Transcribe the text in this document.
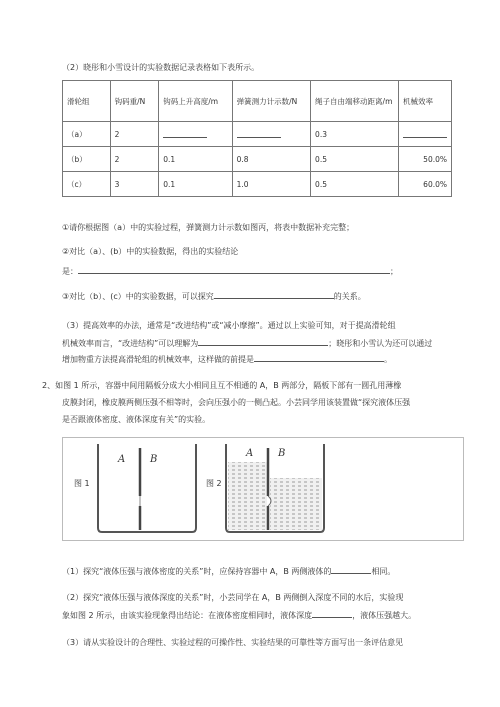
（2）晓彤和小雪设计的实验数据记录表格如下表所示。
滑轮组	钩码重/N	钩码上升高度/m	弹簧测力计示数/N	绳子自由端移动距离/m	机械效率
（a）	2			0.3	
（b）	2	0.1	0.8	0.5	50.0%
（c）	3	0.1	1.0	0.5	60.0%
①请你根据图（a）中的实验过程，弹簧测力计示数如图丙，将表中数据补充完整；
②对比（a）、(b）中的实验数据，得出的实验结论
是：	；
③对比（b）、(c）中的实验数据，可以探究	的关系。
（3）提高效率的办法，通常是“改进结构”或“减小摩擦”。通过以上实验可知，对于提高滑轮组
机械效率而言，“改进结构”可以理解为	；晓彤和小雪认为还可以通过
增加物重方法提高滑轮组的机械效率，这样做的前提是	。
2、如图 1 所示，容器中间用隔板分成大小相同且互不相通的 A，B 两部分，隔板下部有一圆孔用薄橡
皮膜封闭，橡皮膜两侧压强不相等时，会向压强小的一侧凸起。小芸同学用该装置做“探究液体压强
是否跟液体密度、液体深度有关”的实验。
图 1
A B
图 2
A B
（1）探究“液体压强与液体密度的关系”时，应保持容器中 A，B 两侧液体的	相同。
（2）探究“液体压强与液体深度的关系”时，小芸同学在 A，B 两侧倒入深度不同的水后，实验现
象如图 2 所示，由该实验现象得出结论：在液体密度相同时，液体深度	，液体压强越大。
（3）请从实验设计的合理性、实验过程的可操作性、实验结果的可靠性等方面写出一条评估意见
